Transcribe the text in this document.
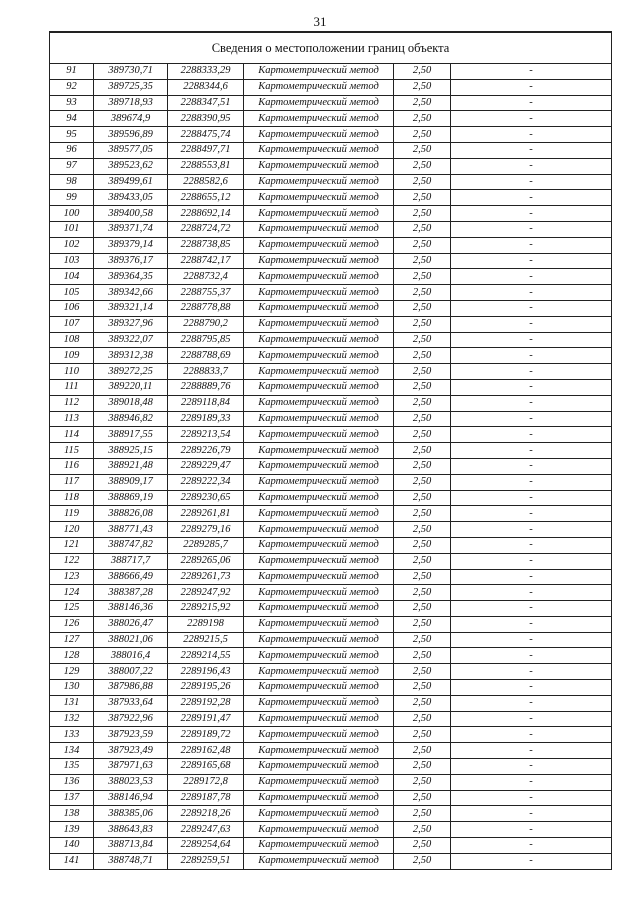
31
Сведения о местоположении границ объекта					
91	389730,71	2288333,29	Картометрический метод	2,50	-
92	389725,35	2288344,6	Картометрический метод	2,50	-
93	389718,93	2288347,51	Картометрический метод	2,50	-
94	389674,9	2288390,95	Картометрический метод	2,50	-
95	389596,89	2288475,74	Картометрический метод	2,50	-
96	389577,05	2288497,71	Картометрический метод	2,50	-
97	389523,62	2288553,81	Картометрический метод	2,50	-
98	389499,61	2288582,6	Картометрический метод	2,50	-
99	389433,05	2288655,12	Картометрический метод	2,50	-
100	389400,58	2288692,14	Картометрический метод	2,50	-
101	389371,74	2288724,72	Картометрический метод	2,50	-
102	389379,14	2288738,85	Картометрический метод	2,50	-
103	389376,17	2288742,17	Картометрический метод	2,50	-
104	389364,35	2288732,4	Картометрический метод	2,50	-
105	389342,66	2288755,37	Картометрический метод	2,50	-
106	389321,14	2288778,88	Картометрический метод	2,50	-
107	389327,96	2288790,2	Картометрический метод	2,50	-
108	389322,07	2288795,85	Картометрический метод	2,50	-
109	389312,38	2288788,69	Картометрический метод	2,50	-
110	389272,25	2288833,7	Картометрический метод	2,50	-
111	389220,11	2288889,76	Картометрический метод	2,50	-
112	389018,48	2289118,84	Картометрический метод	2,50	-
113	388946,82	2289189,33	Картометрический метод	2,50	-
114	388917,55	2289213,54	Картометрический метод	2,50	-
115	388925,15	2289226,79	Картометрический метод	2,50	-
116	388921,48	2289229,47	Картометрический метод	2,50	-
117	388909,17	2289222,34	Картометрический метод	2,50	-
118	388869,19	2289230,65	Картометрический метод	2,50	-
119	388826,08	2289261,81	Картометрический метод	2,50	-
120	388771,43	2289279,16	Картометрический метод	2,50	-
121	388747,82	2289285,7	Картометрический метод	2,50	-
122	388717,7	2289265,06	Картометрический метод	2,50	-
123	388666,49	2289261,73	Картометрический метод	2,50	-
124	388387,28	2289247,92	Картометрический метод	2,50	-
125	388146,36	2289215,92	Картометрический метод	2,50	-
126	388026,47	2289198	Картометрический метод	2,50	-
127	388021,06	2289215,5	Картометрический метод	2,50	-
128	388016,4	2289214,55	Картометрический метод	2,50	-
129	388007,22	2289196,43	Картометрический метод	2,50	-
130	387986,88	2289195,26	Картометрический метод	2,50	-
131	387933,64	2289192,28	Картометрический метод	2,50	-
132	387922,96	2289191,47	Картометрический метод	2,50	-
133	387923,59	2289189,72	Картометрический метод	2,50	-
134	387923,49	2289162,48	Картометрический метод	2,50	-
135	387971,63	2289165,68	Картометрический метод	2,50	-
136	388023,53	2289172,8	Картометрический метод	2,50	-
137	388146,94	2289187,78	Картометрический метод	2,50	-
138	388385,06	2289218,26	Картометрический метод	2,50	-
139	388643,83	2289247,63	Картометрический метод	2,50	-
140	388713,84	2289254,64	Картометрический метод	2,50	-
141	388748,71	2289259,51	Картометрический метод	2,50	-
